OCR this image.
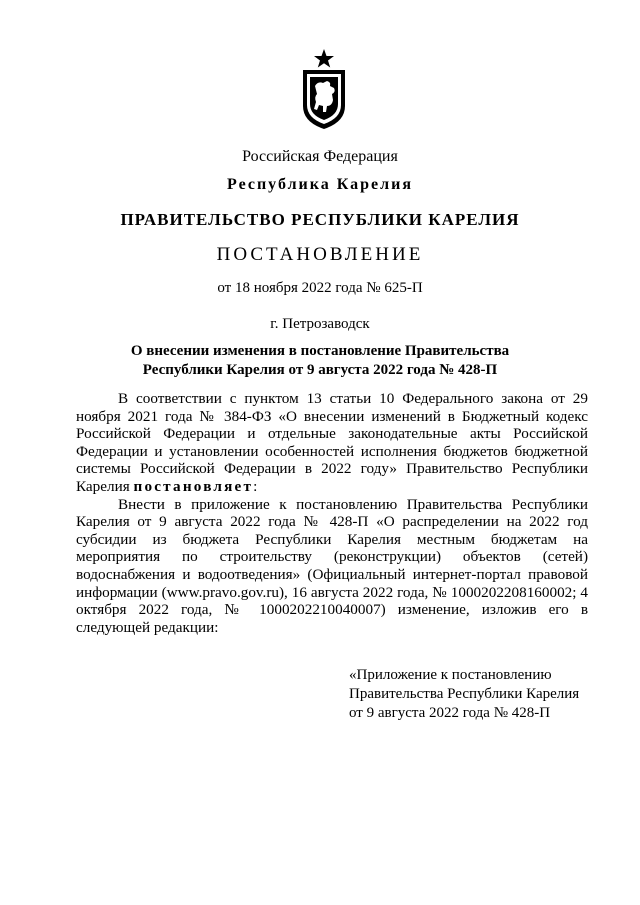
Российская Федерация
Республика Карелия
ПРАВИТЕЛЬСТВО РЕСПУБЛИКИ КАРЕЛИЯ
ПОСТАНОВЛЕНИЕ
от 18 ноября 2022 года № 625-П
г. Петрозаводск
О внесении изменения в постановление Правительства
Республики Карелия от 9 августа 2022 года № 428-П

В соответствии с пунктом 13 статьи 10 Федерального закона от 29 ноября 2021 года № 384-ФЗ «О внесении изменений в Бюджетный кодекс Российской Федерации и отдельные законодательные акты Российской Федерации и установлении особенностей исполнения бюджетов бюджетной системы Российской Федерации в 2022 году» Правительство Республики Карелия постановляет:

Внести в приложение к постановлению Правительства Республики Карелия от 9 августа 2022 года № 428-П «О распределении на 2022 год субсидии из бюджета Республики Карелия местным бюджетам на мероприятия по строительству (реконструкции) объектов (сетей) водоснабжения и водоотведения» (Официальный интернет-портал правовой информации (www.pravo.gov.ru), 16 августа 2022 года, № 1000202208160002; 4 октября 2022 года, № 1000202210040007) изменение, изложив его в следующей редакции:

«Приложение к постановлению
Правительства Республики Карелия
от 9 августа 2022 года № 428-П
